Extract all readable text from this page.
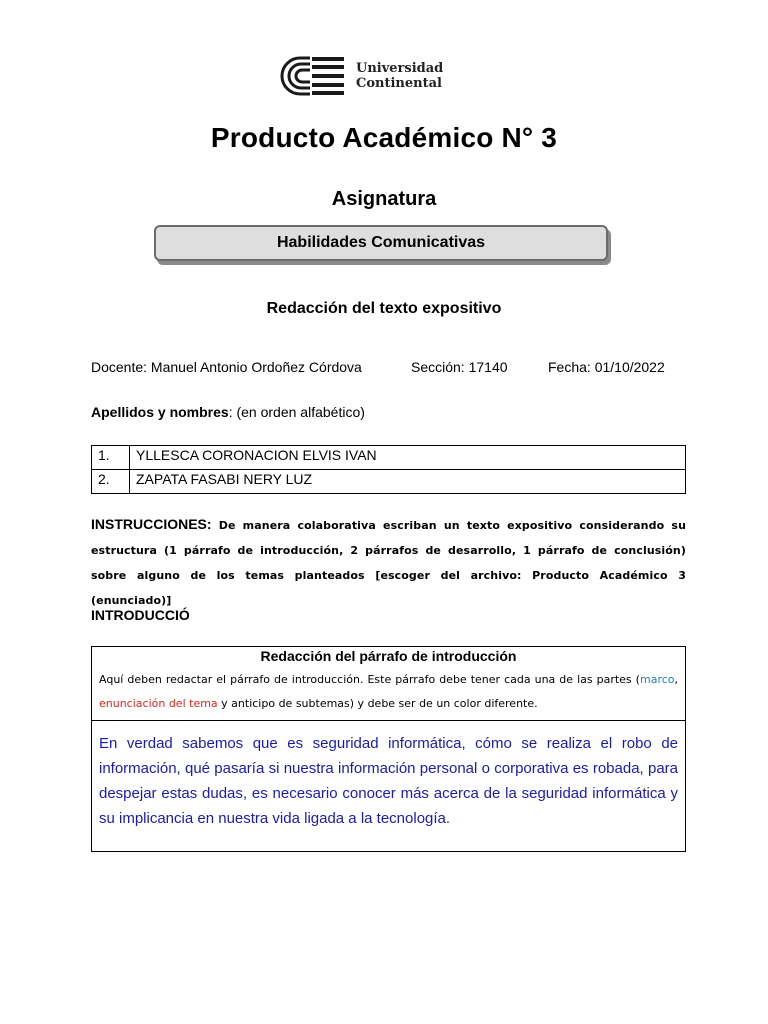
Universidad
Continental
Producto Académico N° 3
Asignatura
Habilidades Comunicativas
Redacción del texto expositivo
Docente: Manuel Antonio Ordoñez Córdova	Sección: 17140	Fecha: 01/10/2022
Apellidos y nombres: (en orden alfabético)
1.	YLLESCA CORONACION ELVIS IVAN
2.	ZAPATA FASABI NERY LUZ
INSTRUCCIONES: De manera colaborativa escriban un texto expositivo considerando su estructura (1 párrafo de introducción, 2 párrafos de desarrollo, 1 párrafo de conclusión) sobre alguno de los temas planteados [escoger del archivo: Producto Académico 3 (enunciado)]
INTRODUCCIÓ
Redacción del párrafo de introducción
Aquí deben redactar el párrafo de introducción. Este párrafo debe tener cada una de las partes (marco, enunciación del tema y anticipo de subtemas) y debe ser de un color diferente.
En verdad sabemos que es seguridad informática, cómo se realiza el robo de información, qué pasaría si nuestra información personal o corporativa es robada, para despejar estas dudas, es necesario conocer más acerca de la seguridad informática y su implicancia en nuestra vida ligada a la tecnología.
